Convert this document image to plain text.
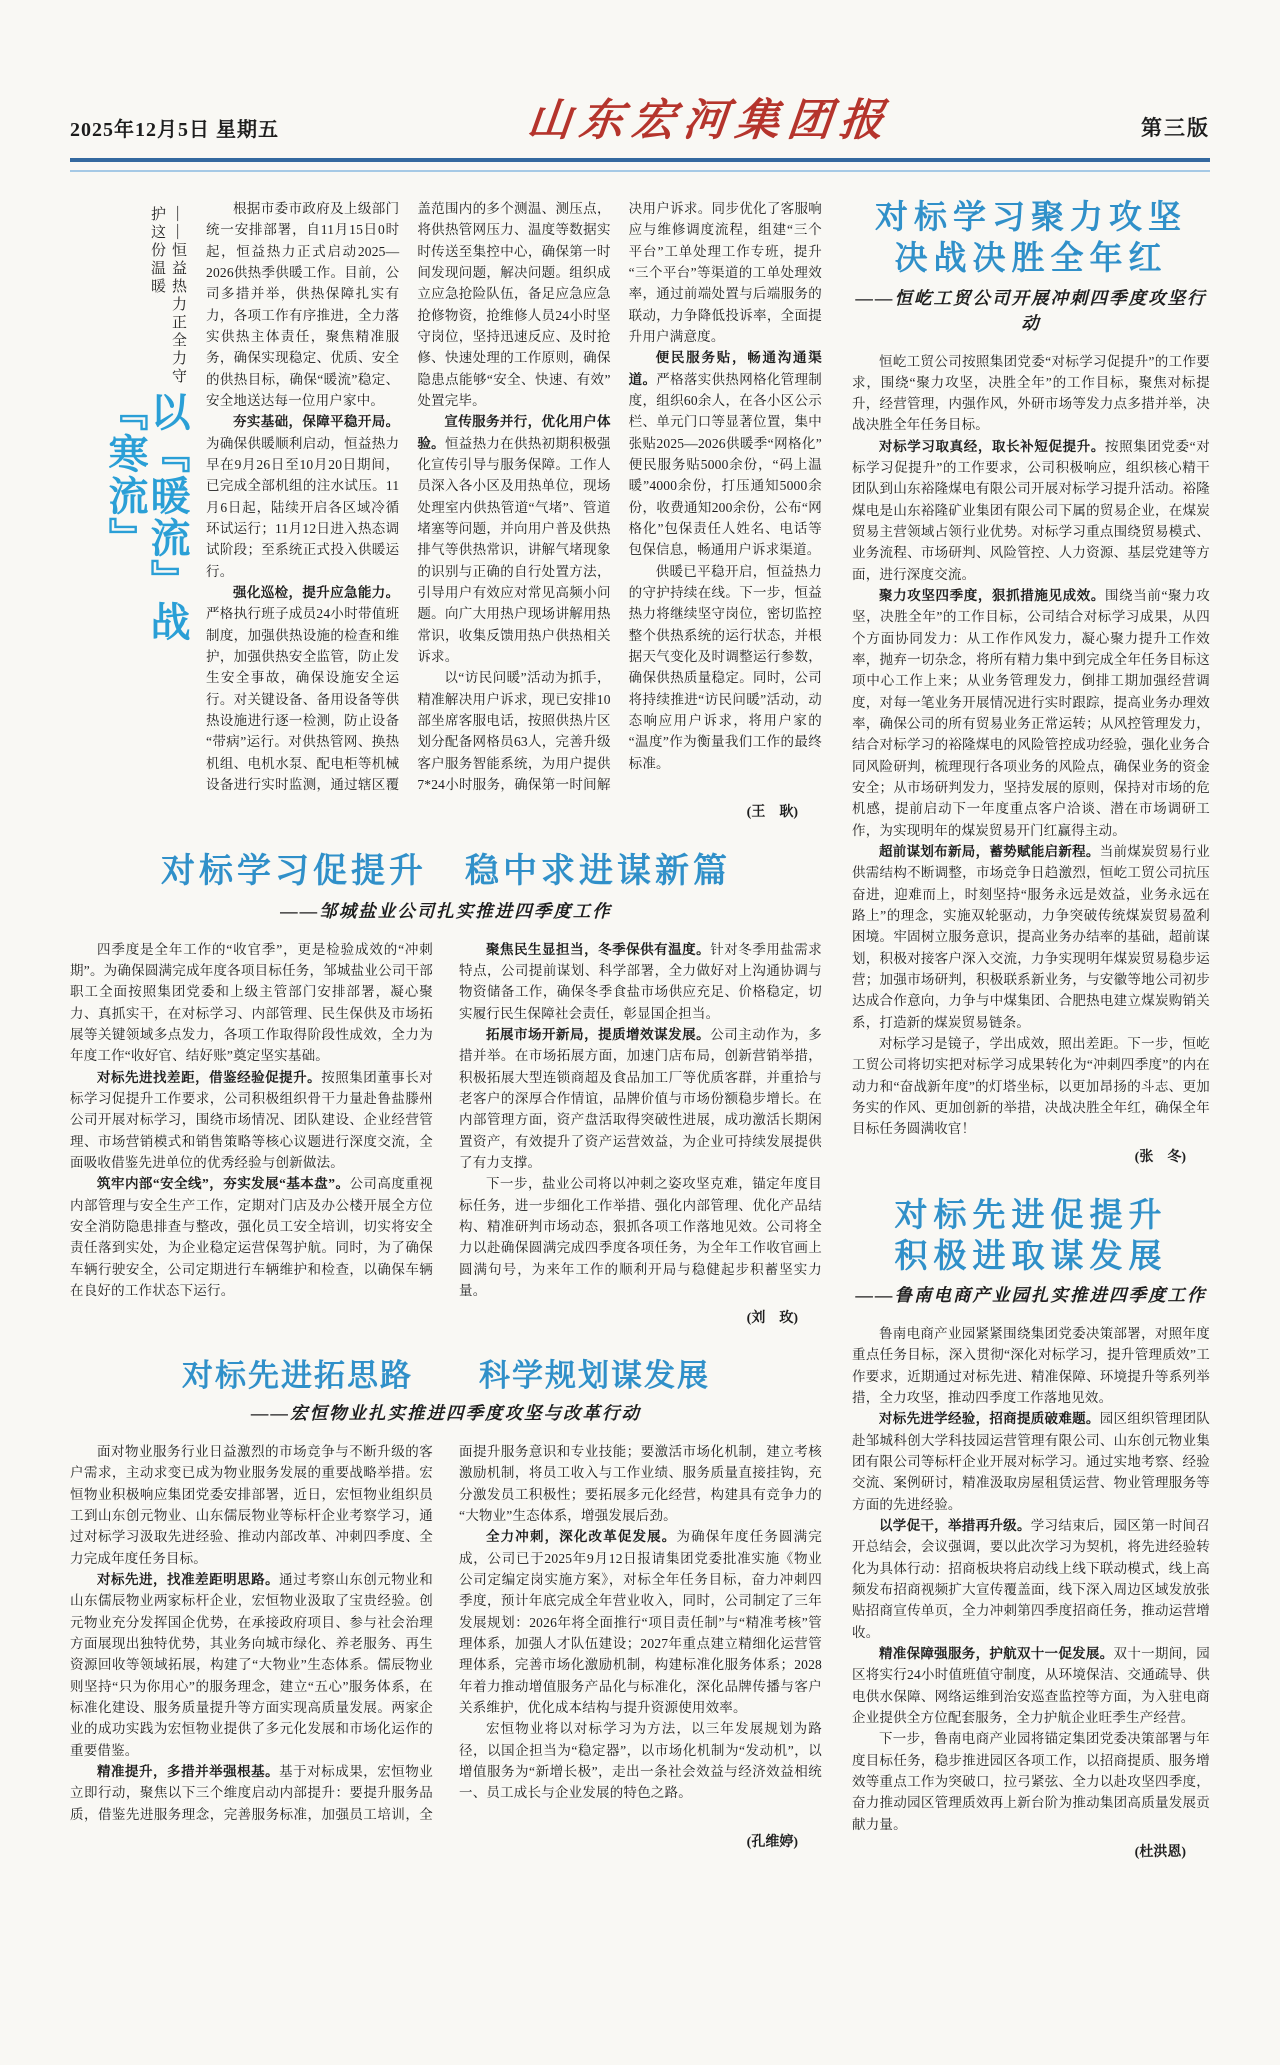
2025年12月5日 星期五	山东宏河集团报	第三版
——恒益热力正全力守护这份温暖
以『暖流』战『寒流』

根据市委市政府及上级部门统一安排部署，自11月15日0时起，恒益热力正式启动2025—2026供热季供暖工作。目前，公司多措并举，供热保障扎实有力，各项工作有序推进，全力落实供热主体责任，聚焦精准服务，确保实现稳定、优质、安全的供热目标，确保“暖流”稳定、安全地送达每一位用户家中。

夯实基础，保障平稳开局。为确保供暖顺利启动，恒益热力早在9月26日至10月20日期间，已完成全部机组的注水试压。11月6日起，陆续开启各区域冷循环试运行；11月12日进入热态调试阶段；至系统正式投入供暖运行。

强化巡检，提升应急能力。严格执行班子成员24小时带值班制度，加强供热设施的检查和维护，加强供热安全监管，防止发生安全事故，确保设施安全运行。对关键设备、备用设备等供热设施进行逐一检测，防止设备“带病”运行。对供热管网、换热机组、电机水泵、配电柜等机械设备进行实时监测，通过辖区覆盖范围内的多个测温、测压点，将供热管网压力、温度等数据实时传送至集控中心，确保第一时间发现问题，解决问题。组织成立应急抢险队伍，备足应急应急抢修物资，抢维修人员24小时坚守岗位，坚持迅速反应、及时抢修、快速处理的工作原则，确保隐患点能够“安全、快速、有效”处置完毕。

宣传服务并行，优化用户体验。恒益热力在供热初期积极强化宣传引导与服务保障。工作人员深入各小区及用热单位，现场处理室内供热管道“气堵”、管道堵塞等问题，并向用户普及供热排气等供热常识，讲解气堵现象的识别与正确的自行处置方法，引导用户有效应对常见高频小问题。向广大用热户现场讲解用热常识，收集反馈用热户供热相关诉求。

以“访民问暖”活动为抓手，精准解决用户诉求，现已安排10部坐席客服电话，按照供热片区划分配备网格员63人，完善升级客户服务智能系统，为用户提供7*24小时服务，确保第一时间解决用户诉求。同步优化了客服响应与维修调度流程，组建“三个平台”工单处理工作专班，提升“三个平台”等渠道的工单处理效率，通过前端处置与后端服务的联动，力争降低投诉率，全面提升用户满意度。

便民服务贴，畅通沟通渠道。严格落实供热网格化管理制度，组织60余人，在各小区公示栏、单元门口等显著位置，集中张贴2025—2026供暖季“网格化”便民服务贴5000余份，“码上温暖”4000余份，打压通知5000余份，收费通知200余份，公布“网格化”包保责任人姓名、电话等包保信息，畅通用户诉求渠道。

供暖已平稳开启，恒益热力的守护持续在线。下一步，恒益热力将继续坚守岗位，密切监控整个供热系统的运行状态，并根据天气变化及时调整运行参数，确保供热质量稳定。同时，公司将持续推进“访民问暖”活动，动态响应用户诉求，将用户家的“温度”作为衡量我们工作的最终标准。

(王　耿)
对标学习促提升　稳中求进谋新篇
——邹城盐业公司扎实推进四季度工作

四季度是全年工作的“收官季”，更是检验成效的“冲刺期”。为确保圆满完成年度各项目标任务，邹城盐业公司干部职工全面按照集团党委和上级主管部门安排部署，凝心聚力、真抓实干，在对标学习、内部管理、民生保供及市场拓展等关键领域多点发力，各项工作取得阶段性成效，全力为年度工作“收好官、结好账”奠定坚实基础。

对标先进找差距，借鉴经验促提升。按照集团董事长对标学习促提升工作要求，公司积极组织骨干力量赴鲁盐滕州公司开展对标学习，围绕市场情况、团队建设、企业经营管理、市场营销模式和销售策略等核心议题进行深度交流，全面吸收借鉴先进单位的优秀经验与创新做法。

筑牢内部“安全线”，夯实发展“基本盘”。公司高度重视内部管理与安全生产工作，定期对门店及办公楼开展全方位安全消防隐患排查与整改，强化员工安全培训，切实将安全责任落到实处，为企业稳定运营保驾护航。同时，为了确保车辆行驶安全，公司定期进行车辆维护和检查，以确保车辆在良好的工作状态下运行。

聚焦民生显担当，冬季保供有温度。针对冬季用盐需求特点，公司提前谋划、科学部署，全力做好对上沟通协调与物资储备工作，确保冬季食盐市场供应充足、价格稳定，切实履行民生保障社会责任，彰显国企担当。

拓展市场开新局，提质增效谋发展。公司主动作为，多措并举。在市场拓展方面，加速门店布局，创新营销举措，积极拓展大型连锁商超及食品加工厂等优质客群，并重拾与老客户的深厚合作情谊，品牌价值与市场份额稳步增长。在内部管理方面，资产盘活取得突破性进展，成功激活长期闲置资产，有效提升了资产运营效益，为企业可持续发展提供了有力支撑。

下一步，盐业公司将以冲刺之姿攻坚克难，锚定年度目标任务，进一步细化工作举措、强化内部管理、优化产品结构、精准研判市场动态，狠抓各项工作落地见效。公司将全力以赴确保圆满完成四季度各项任务，为全年工作收官画上圆满句号，为来年工作的顺利开局与稳健起步积蓄坚实力量。

(刘　玫)
对标先进拓思路　　科学规划谋发展
——宏恒物业扎实推进四季度攻坚与改革行动

面对物业服务行业日益激烈的市场竞争与不断升级的客户需求，主动求变已成为物业服务发展的重要战略举措。宏恒物业积极响应集团党委安排部署，近日，宏恒物业组织员工到山东创元物业、山东儒辰物业等标杆企业考察学习，通过对标学习汲取先进经验、推动内部改革、冲刺四季度、全力完成年度任务目标。

对标先进，找准差距明思路。通过考察山东创元物业和山东儒辰物业两家标杆企业，宏恒物业汲取了宝贵经验。创元物业充分发挥国企优势，在承接政府项目、参与社会治理方面展现出独特优势，其业务向城市绿化、养老服务、再生资源回收等领域拓展，构建了“大物业”生态体系。儒辰物业则坚持“只为你用心”的服务理念，建立“五心”服务体系，在标准化建设、服务质量提升等方面实现高质量发展。两家企业的成功实践为宏恒物业提供了多元化发展和市场化运作的重要借鉴。

精准提升，多措并举强根基。基于对标成果，宏恒物业立即行动，聚焦以下三个维度启动内部提升：要提升服务品质，借鉴先进服务理念，完善服务标准，加强员工培训，全面提升服务意识和专业技能；要激活市场化机制，建立考核激励机制，将员工收入与工作业绩、服务质量直接挂钩，充分激发员工积极性；要拓展多元化经营，构建具有竞争力的“大物业”生态体系，增强发展后劲。

全力冲刺，深化改革促发展。为确保年度任务圆满完成，公司已于2025年9月12日报请集团党委批准实施《物业公司定编定岗实施方案》，对标全年任务目标，奋力冲刺四季度，预计年底完成全年营业收入，同时，公司制定了三年发展规划：2026年将全面推行“项目责任制”与“精准考核”管理体系，加强人才队伍建设；2027年重点建立精细化运营管理体系，完善市场化激励机制，构建标准化服务体系；2028年着力推动增值服务产品化与标准化，深化品牌传播与客户关系维护，优化成本结构与提升资源使用效率。

宏恒物业将以对标学习为方法，以三年发展规划为路径，以国企担当为“稳定器”，以市场化机制为“发动机”，以增值服务为“新增长极”，走出一条社会效益与经济效益相统一、员工成长与企业发展的特色之路。

(孔维婷)
对标学习聚力攻坚
决战决胜全年红
——恒屹工贸公司开展冲刺四季度攻坚行动

恒屹工贸公司按照集团党委“对标学习促提升”的工作要求，围绕“聚力攻坚，决胜全年”的工作目标，聚焦对标提升，经营管理，内强作风，外研市场等发力点多措并举，决战决胜全年任务目标。

对标学习取真经，取长补短促提升。按照集团党委“对标学习促提升”的工作要求，公司积极响应，组织核心精干团队到山东裕隆煤电有限公司开展对标学习提升活动。裕隆煤电是山东裕隆矿业集团有限公司下属的贸易企业，在煤炭贸易主营领域占领行业优势。对标学习重点围绕贸易模式、业务流程、市场研判、风险管控、人力资源、基层党建等方面，进行深度交流。

聚力攻坚四季度，狠抓措施见成效。围绕当前“聚力攻坚，决胜全年”的工作目标，公司结合对标学习成果，从四个方面协同发力：从工作作风发力，凝心聚力提升工作效率，抛弃一切杂念，将所有精力集中到完成全年任务目标这项中心工作上来；从业务管理发力，倒排工期加强经营调度，对每一笔业务开展情况进行实时跟踪，提高业务办理效率，确保公司的所有贸易业务正常运转；从风控管理发力，结合对标学习的裕隆煤电的风险管控成功经验，强化业务合同风险研判，梳理现行各项业务的风险点，确保业务的资金安全；从市场研判发力，坚持发展的原则，保持对市场的危机感，提前启动下一年度重点客户洽谈、潜在市场调研工作，为实现明年的煤炭贸易开门红赢得主动。

超前谋划布新局，蓄势赋能启新程。当前煤炭贸易行业供需结构不断调整，市场竞争日趋激烈，恒屹工贸公司抗压奋进，迎难而上，时刻坚持“服务永远是效益，业务永远在路上”的理念，实施双轮驱动，力争突破传统煤炭贸易盈利困境。牢固树立服务意识，提高业务办结率的基础，超前谋划，积极对接客户深入交流，力争实现明年煤炭贸易稳步运营；加强市场研判，积极联系新业务，与安徽等地公司初步达成合作意向，力争与中煤集团、合肥热电建立煤炭购销关系，打造新的煤炭贸易链条。

对标学习是镜子，学出成效，照出差距。下一步，恒屹工贸公司将切实把对标学习成果转化为“冲刺四季度”的内在动力和“奋战新年度”的灯塔坐标，以更加昂扬的斗志、更加务实的作风、更加创新的举措，决战决胜全年红，确保全年目标任务圆满收官！

(张　冬)
对标先进促提升
积极进取谋发展
——鲁南电商产业园扎实推进四季度工作

鲁南电商产业园紧紧围绕集团党委决策部署，对照年度重点任务目标，深入贯彻“深化对标学习，提升管理质效”工作要求，近期通过对标先进、精准保障、环境提升等系列举措，全力攻坚，推动四季度工作落地见效。

对标先进学经验，招商提质破难题。园区组织管理团队赴邹城科创大学科技园运营管理有限公司、山东创元物业集团有限公司等标杆企业开展对标学习。通过实地考察、经验交流、案例研讨，精准汲取房屋租赁运营、物业管理服务等方面的先进经验。

以学促干，举措再升级。学习结束后，园区第一时间召开总结会，会议强调，要以此次学习为契机，将先进经验转化为具体行动：招商板块将启动线上线下联动模式，线上高频发布招商视频扩大宣传覆盖面，线下深入周边区域发放张贴招商宣传单页，全力冲刺第四季度招商任务，推动运营增收。

精准保障强服务，护航双十一促发展。双十一期间，园区将实行24小时值班值守制度，从环境保洁、交通疏导、供电供水保障、网络运维到治安巡查监控等方面，为入驻电商企业提供全方位配套服务，全力护航企业旺季生产经营。

下一步，鲁南电商产业园将锚定集团党委决策部署与年度目标任务，稳步推进园区各项工作，以招商提质、服务增效等重点工作为突破口，拉弓紧弦、全力以赴攻坚四季度，奋力推动园区管理质效再上新台阶为推动集团高质量发展贡献力量。

(杜洪恩)
